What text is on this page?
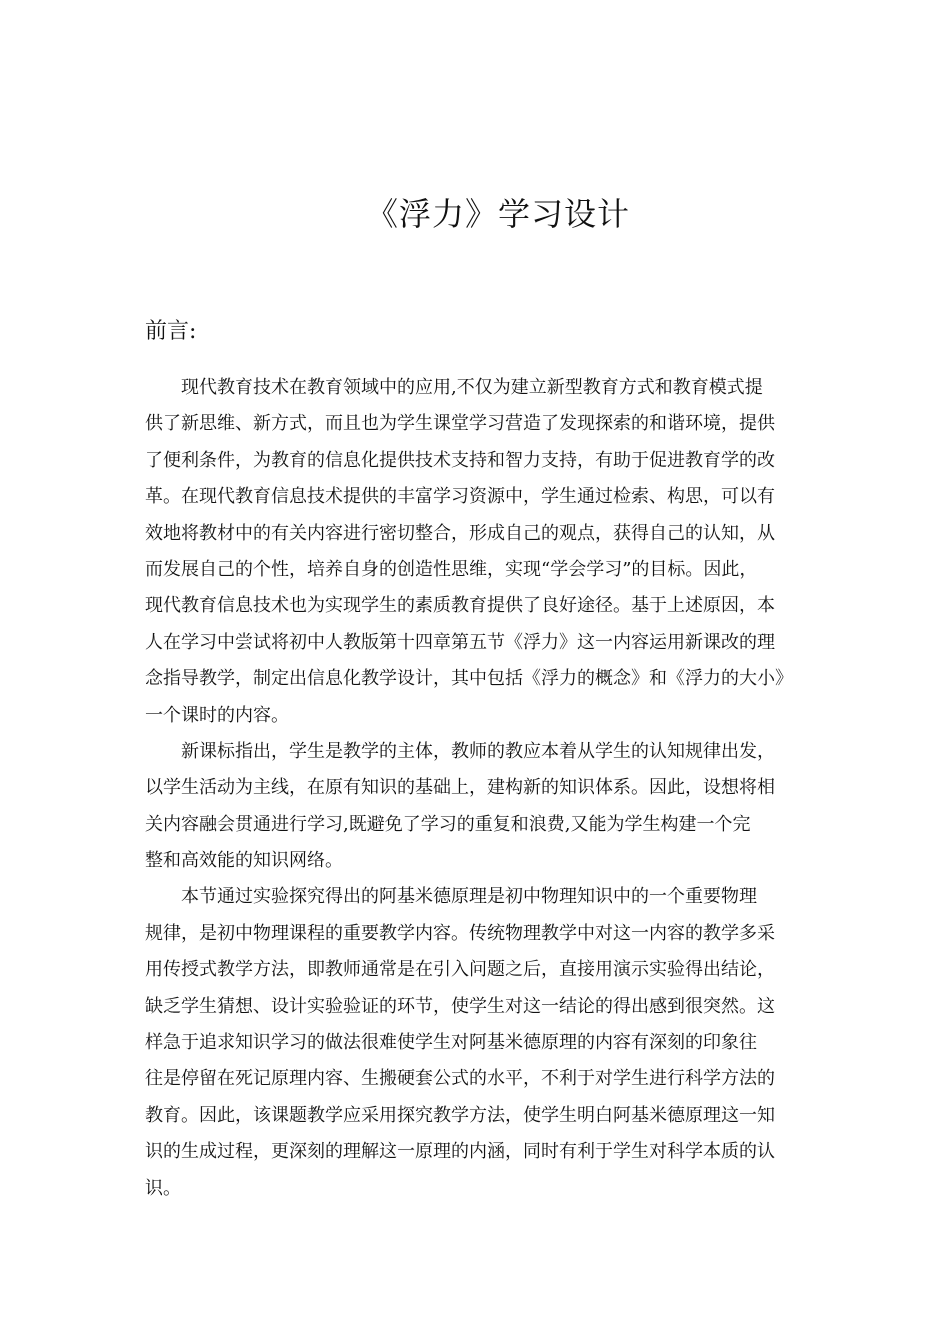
《浮力》学习设计
前言:

现代教育技术在教育领域中的应用,不仅为建立新型教育方式和教育模式提
供了新思维、新方式，而且也为学生课堂学习营造了发现探索的和谐环境，提供
了便利条件，为教育的信息化提供技术支持和智力支持，有助于促进教育学的改
革。在现代教育信息技术提供的丰富学习资源中，学生通过检索、构思，可以有
效地将教材中的有关内容进行密切整合，形成自己的观点，获得自己的认知，从
而发展自己的个性，培养自身的创造性思维，实现“学会学习”的目标。因此，
现代教育信息技术也为实现学生的素质教育提供了良好途径。基于上述原因，本
人在学习中尝试将初中人教版第十四章第五节《浮力》这一内容运用新课改的理
念指导教学，制定出信息化教学设计，其中包括《浮力的概念》和《浮力的大小》
一个课时的内容。

新课标指出，学生是教学的主体，教师的教应本着从学生的认知规律出发，
以学生活动为主线，在原有知识的基础上，建构新的知识体系。因此，设想将相
关内容融会贯通进行学习,既避免了学习的重复和浪费,又能为学生构建一个完
整和高效能的知识网络。

本节通过实验探究得出的阿基米德原理是初中物理知识中的一个重要物理
规律，是初中物理课程的重要教学内容。传统物理教学中对这一内容的教学多采
用传授式教学方法，即教师通常是在引入问题之后，直接用演示实验得出结论，
缺乏学生猜想、设计实验验证的环节，使学生对这一结论的得出感到很突然。这
样急于追求知识学习的做法很难使学生对阿基米德原理的内容有深刻的印象往
往是停留在死记原理内容、生搬硬套公式的水平，不利于对学生进行科学方法的
教育。因此，该课题教学应采用探究教学方法，使学生明白阿基米德原理这一知
识的生成过程，更深刻的理解这一原理的内涵，同时有利于学生对科学本质的认
识。
